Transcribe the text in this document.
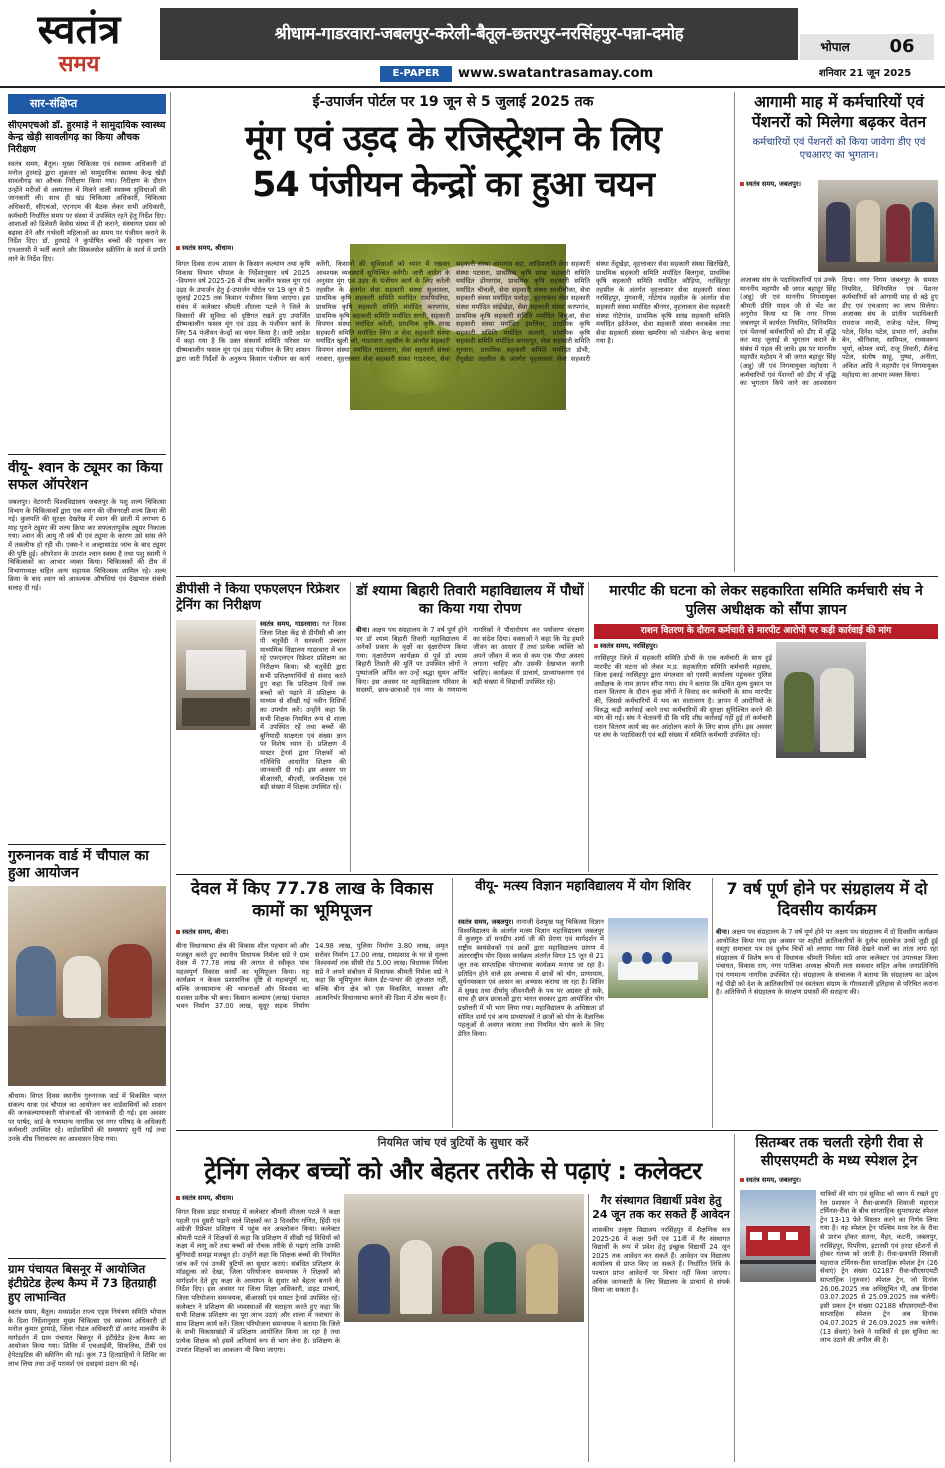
स्वतंत्र
समय
श्रीधाम-गाडरवारा-जबलपुर-करेली-बैतूल-छतरपुर-नरसिंहपुर-पन्ना-दमोह
भोपाल	06
E-PAPER	www.swatantrasamay.com	शनिवार 21 जून 2025
सार-संक्षिप्त
सीएमएचओ डॉ. हुरमाड़े ने सामुदायिक स्वास्थ्य केन्द्र खेड़ी सावलीगढ़ का किया औचक निरीक्षण
स्वतंत्र समय, बैतूल। मुख्य चिकित्सा एवं स्वास्थ्य अधिकारी डॉ मनोज हुरमाड़े द्वारा शुक्रवार को सामुदायिक स्वास्थ्य केन्द्र खेड़ी सावलीगढ़ का औचक निरीक्षण किया गया। निरीक्षण के दौरान उन्होंने मरीजों से अस्पताल में मिलने वाली स्वास्थ्य सुविधाओं की जानकारी ली। साथ ही खंड चिकित्सा अधिकारी, चिकित्सा अधिकारी, सीएचओ, एएनएम की बैठक लेकर सभी अधिकारी, कर्मचारी निर्धारित समय पर संस्था में उपस्थित रहने हेतु निर्देश दिए। आशाओं को डिलेवरी केसेस संस्था में ही कराने, संस्थागत प्रसव को बढ़ावा देने और गर्भवती महिलाओं का समय पर पंजीयन कराने के निर्देश दिए। डॉ. हुरमाड़े ने कुपोषित बच्चों की पहचान कर एनआरसी में भर्ती कराने और सिकलसेल स्क्रीनिंग के कार्य में प्रगति लाने के निर्देश दिए।
वीयू- श्वान के ट्यूमर का किया सफल ऑपरेशन
जबलपुर। वेटरनरी विश्वविद्यालय जबलपुर के पशु शल्य चिकित्सा विभाग के चिकित्सकों द्वारा एक श्वान की जीवनरक्षी शल्य क्रिया की गई। कुलपति की सुरक्षा देखरेख में श्वान की छाती में लगभग 6 माह पुराने ट्यूमर की शल्य क्रिया कर सफलतापूर्वक ट्यूमर निकाला गया। श्वान की आयु नौ वर्ष थी एवं ट्यूमर के कारण उसे सांस लेने में तकलीफ हो रही थी। एक्स-रे व अल्ट्रासाउंड जांच के बाद ट्यूमर की पुष्टि हुई। ऑपरेशन के उपरांत श्वान स्वस्थ है तथा पशु स्वामी ने चिकित्सकों का आभार व्यक्त किया। चिकित्सकों की टीम में विभागाध्यक्ष सहित अन्य सहायक चिकित्सक शामिल रहे। शल्य क्रिया के बाद श्वान को आवश्यक औषधियां एवं देखभाल संबंधी सलाह दी गई।
गुरुनानक वार्ड में चौपाल का हुआ आयोजन
श्रीधाम। विगत दिवस स्थानीय गुरुनानक वार्ड में विकसित भारत संकल्प यात्रा एवं चौपाल का आयोजन कर वार्डवासियों को शासन की जनकल्याणकारी योजनाओं की जानकारी दी गई। इस अवसर पर पार्षद, वार्ड के गणमान्य नागरिक एवं नगर परिषद के अधिकारी कर्मचारी उपस्थित रहे। वार्डवासियों की समस्याएं सुनी गईं तथा उनके शीघ्र निराकरण का आश्वासन दिया गया।
ग्राम पंचायत बिसनूर में आयोजित इंटीग्रेटेड हेल्थ कैम्प में 73 हितग्राही हुए लाभान्वित
स्वतंत्र समय, बैतूल। मध्यप्रदेश राज्य एड्स नियंत्रण समिति भोपाल के दिशा निर्देशानुसार मुख्य चिकित्सा एवं स्वास्थ्य अधिकारी डॉ मनोज कुमार हुरमाड़े, जिला नोडल अधिकारी डॉ आनंद मालवीय के मार्गदर्शन में ग्राम पंचायत बिसनूर में इंटीग्रेटेड हेल्थ कैम्प का आयोजन किया गया। शिविर में एचआईवी, सिफलिस, टीबी एवं हेपेटाइटिस की स्क्रीनिंग की गई। कुल 73 हितग्राहियों ने शिविर का लाभ लिया तथा उन्हें परामर्श एवं दवाइयां प्रदान की गईं।
ई-उपार्जन पोर्टल पर 19 जून से 5 जुलाई 2025 तक
मूंग एवं उड़द के रजिस्ट्रेशन के लिए
54 पंजीयन केन्द्रों का हुआ चयन
स्वतंत्र समय, श्रीधाम।
विगत दिवस राज्य शासन के किसान कल्याण तथा कृषि विकास विभाग भोपाल के निर्देशानुसार वर्ष 2025 -विपणन वर्ष 2025-26 में ग्रीष्म कालीन फसल मूंग एवं उड़द के उपार्जन हेतु ई-उपार्जन पोर्टल पर 19 जून से 5 जुलाई 2025 तक किसान पंजीयन किया जाएगा। इस संबंध में कलेक्टर श्रीमती शीतला पटले ने जिले के किसानों की सुविधा को दृष्टिगत रखते हुए उपार्जित ग्रीष्मकालीन फसल मूंग एवं उड़द के पंजीयन कार्य के लिए 54 पंजीयन केन्द्रों का चयन किया है। जारी आदेश में कहा गया है कि उक्त संस्थायें समिति परिसर पर ग्रीष्मकालीन फसल मूंग एवं उड़द पंजीयन के लिए शासन द्वारा जारी निर्देशों के अनुरूप किसान पंजीयन का कार्य करेंगी, किसानों की सुविधाओं को ध्यान में रखकर आवश्यक व्यवस्थायें सुनिश्चित करेंगी। जारी आदेश के अनुसार मूंग एवं उड़द के पंजीयन कार्य के लिए करेली तहसील के अंतर्गत सेवा सहकारी संस्था सुआतला, प्राथमिक कृषि सहकारी समिति मर्यादित रामपिपरिया, प्राथमिक कृषि सहकारी समिति मर्यादित करपगांव, प्राथमिक कृषि सहकारी समिति मर्यादित सगरी, सहकारी विपणन संस्था मर्यादित करेली, प्राथमिक कृषि साख सहकारी समिति मर्यादित लिंगा व सेवा सहकारी संस्था मर्यादित खुली को, गाडरवारा तहसील के अंतर्गत सहकारी विपणन संस्था मर्यादित गाडरवारा, सेवा सहकारी संस्था नरवारा, वृहत्ताकार सेवा सहकारी संस्था गाडरवारा, सेवा सहकारी संस्था आमगांव बड़ा, आदिमजाति सेवा सहकारी संस्था पटवारा, प्राथमिक कृषि साख सहकारी समिति मर्यादित डोंगरगांव, प्राथमिक कृषि सहकारी समिति मर्यादित चीचली, सेवा सहकारी संस्था सालीचौका, सेवा सहकारी संस्था मर्यादित पलोहा, वृहत्ताकार सेवा सहकारी संस्था मर्यादित सांईखेड़ा, सेवा सहकारी संस्था करपगांव, प्राथमिक कृषि सहकारी समिति मर्यादित बिचुआ, सेवा सहकारी संस्था मर्यादित इमलिया, प्राथमिक कृषि सहकारी समिति मर्यादित कामती, प्राथमिक कृषि सहकारी समिति मर्यादित बगासपुर, सेवा सहकारी समिति सूरवारा, प्राथमिक सहकारी समिति मर्यादित डोभी, तेंदूखेड़ा तहसील के अंतर्गत वृहत्ताकार सेवा सहकारी संस्था तेंदूखेड़ा, वृहत्ताकार सेवा सहकारी संस्था खिरखिरी, प्राथमिक सहकारी समिति मर्यादित बिलगुवां, प्राथमिक कृषि सहकारी समिति मर्यादित कौड़िया, नरसिंहपुर तहसील के अंतर्गत वृहत्ताकार सेवा सहकारी संस्था नरसिंहपुर, मुंगवानी, गोटेगांव तहसील के अंतर्गत सेवा सहकारी संस्था मर्यादित श्रीनगर, वृहत्ताकार सेवा सहकारी संस्था गोटेगांव, प्राथमिक कृषि साख सहकारी समिति मर्यादित झोतेश्वर, सेवा सहकारी संस्था करकबेल तथा सेवा सहकारी संस्था खमरिया को पंजीयन केन्द्र बनाया गया है।
आगामी माह में कर्मचारियों एवं पेंशनरों को मिलेगा बढ़कर वेतन
कर्मचारियों एवं पेंशनरों को किया जावेगा डीए एवं एचआरए का भुगतान।
स्वतंत्र समय, जबलपुर।
अजाक्स संघ के पदाधिकारियों एवं उनके माननीय महापौर श्री जगत बहादुर सिंह (अन्नू) जी एवं माननीय निगमायुक्त श्रीमती प्रीति यादव जी से भेंट कर अनुरोध किया था कि नगर निगम जबलपुर में कार्यरत नियमित, विनियमित एवं पेंशनर्स कर्मचारियों को डीए में वृद्धि कर माह जुलाई से भुगतान कराने के संबंध में पहल की जावे। इस पर माननीय महापौर महोदय ने श्री जगत बहादुर सिंह (अन्नू) जी एवं निगमायुक्त महोदया ने कर्मचारियों एवं पेंशनरों को डीए में वृद्धि का भुगतान किये जाने का आश्वासन दिया। नगर निगम जबलपुर के समस्त नियमित, विनियमित एवं पेंशनर कर्मचारियों को आगामी माह से बढ़े हुए डीए एवं एचआरए का लाभ मिलेगा। अजाक्स संघ के प्रांतीय पदाधिकारी रामराज मरावी, राजेन्द्र पटेल, विष्णु पटेल, दिनेश पटेल, प्रभात गर्ग, अशोक बेन, श्रीनिवास, सामियल, रामस्वरूप भूर्या, कोमल वर्मा, राजू तिवारी, शैलेन्द्र पटेल, संतोष साहू, पुष्पा, अनीता, अंकित आदि ने महापौर एवं निगमायुक्त महोदया का आभार व्यक्त किया।
डीपीसी ने किया एफएलएन रिफ्रेशर ट्रेनिंग का निरीक्षण
स्वतंत्र समय, गाडरवारा। गत दिवस जिला शिक्षा केंद्र से डीपीसी श्री आर पी चतुर्वेदी ने सरस्वती उच्चतर माध्यमिक विद्यालय गाडरवारा में चल रहे एफएलएन रिफ्रेशर प्रशिक्षण का निरीक्षण किया। श्री चतुर्वेदी द्वारा सभी प्रशिक्षणार्थियों से संवाद करते हुए कहा कि प्रशिक्षण दिनों तक बच्चों को पढ़ाने में प्रशिक्षण के माध्यम से सीखी गई नवीन विधियों का उपयोग करें। उन्होंने कहा कि सभी शिक्षक नियमित रूप से शाला में उपस्थित रहें तथा बच्चों की बुनियादी साक्षरता एवं संख्या ज्ञान पर विशेष ध्यान दें। प्रशिक्षण में मास्टर ट्रेनर्स द्वारा शिक्षकों को गतिविधि आधारित शिक्षण की जानकारी दी गई। इस अवसर पर बीआरसी, बीएसी, जनशिक्षक एवं बड़ी संख्या में शिक्षक उपस्थित रहे।
डॉ श्यामा बिहारी तिवारी महाविद्यालय में पौधों का किया गया रोपण
बीना। अक्षय पथ संग्रहालय के 7 वर्ष पूर्ण होने पर डॉ श्याम बिहारी तिवारी महाविद्यालय में अनेकों प्रकार के वृक्षों का वृक्षारोपण किया गया। वृक्षारोपण कार्यक्रम से पूर्व डॉ श्याम बिहारी तिवारी की मूर्ति पर उपस्थित लोगों ने पुष्पांजलि अर्पित कर उन्हें श्रद्धा सुमन अर्पित किए। इस अवसर पर महाविद्यालय परिवार के सदस्यों, छात्र-छात्राओं एवं नगर के गणमान्य नागरिकों ने पौधारोपण कर पर्यावरण संरक्षण का संदेश दिया। वक्ताओं ने कहा कि पेड़ हमारे जीवन का आधार हैं तथा प्रत्येक व्यक्ति को अपने जीवन में कम से कम एक पौधा अवश्य लगाना चाहिए और उसकी देखभाल करनी चाहिए। कार्यक्रम में प्राचार्य, प्राध्यापकगण एवं बड़ी संख्या में विद्यार्थी उपस्थित रहे।
मारपीट की घटना को लेकर सहकारिता समिति कर्मचारी संघ ने पुलिस अधीक्षक को सौंपा ज्ञापन
राशन वितरण के दौरान कर्मचारी से मारपीट आरोपी पर कड़ी कार्रवाई की मांग
स्वतंत्र समय, नरसिंहपुर।
नरसिंहपुर जिले में सहकारी समिति डोभी के एक कर्मचारी के साथ हुई मारपीट की घटना को लेकर म.प्र. सहकारिता समिति कर्मचारी महासंघ, जिला इकाई नरसिंहपुर द्वारा मंगलवार को एसपी कार्यालय पहुंचकर पुलिस अधीक्षक के नाम ज्ञापन सौंपा गया। संघ ने बताया कि उचित मूल्य दुकान पर राशन वितरण के दौरान कुछ लोगों ने विवाद कर कर्मचारी के साथ मारपीट की, जिससे कर्मचारियों में भय का वातावरण है। ज्ञापन में आरोपियों के विरुद्ध कड़ी कार्रवाई करने तथा कर्मचारियों की सुरक्षा सुनिश्चित करने की मांग की गई। संघ ने चेतावनी दी कि यदि शीघ्र कार्रवाई नहीं हुई तो कर्मचारी राशन वितरण कार्य बंद कर आंदोलन करने के लिए बाध्य होंगे। इस अवसर पर संघ के पदाधिकारी एवं बड़ी संख्या में समिति कर्मचारी उपस्थित रहे।
देवल में किए 77.78 लाख के विकास कामों का भूमिपूजन
स्वतंत्र समय, बीना।
बीना विधानसभा क्षेत्र की विकास शील पहचान को और मजबूत करते हुए स्थानीय विधायक निर्मला सप्रे ने ग्राम देवल में 77.78 लाख की लागत से स्वीकृत पांच महत्वपूर्ण विकास कार्यों का भूमिपूजन किया। यह कार्यक्रम न केवल प्रशासनिक दृष्टि से महत्वपूर्ण था, बल्कि जनसामान्य की भावनाओं और विश्वास का सशक्त प्रतीक भी बना। किसान कल्याण (लाख) पंचायत भवन निर्माण 37.00 लाख, सुदूर सड़क निर्माण 14.98 लाख, पुलिया निर्माण 3.80 लाख, अमृत सरोवर निर्माण 17.00 लाख, रामप्रसाद के घर से मुल्ला विश्वकर्मा तक सीसी रोड 5.00 लाख। विधायक निर्मला सप्रे ने अपने संबोधन में विधायक श्रीमती निर्मला सप्रे ने कहा कि भूमिपूजन केवल ईंट-पत्थर की शुरुआत नहीं, बल्कि बीना क्षेत्र को एक विकसित, सशक्त और आत्मनिर्भर विधानसभा बनाने की दिशा में ठोस कदम है।
वीयू- मत्स्य विज्ञान महाविद्यालय में योग शिविर
स्वतंत्र समय, जबलपुर। नानाजी देशमुख पशु चिकित्सा विज्ञान विश्वविद्यालय के अंतर्गत मत्स्य विज्ञान महाविद्यालय जबलपुर में कुलगुरु डॉ मनदीप शर्मा जी की प्रेरणा एवं मार्गदर्शन में राष्ट्रीय स्वयंसेवकों एवं छात्रों द्वारा महाविद्यालय प्रांगण में अंतरराष्ट्रीय योग दिवस कार्यक्रम अंतर्गत विगत 15 जून से 21 जून तक साप्ताहिक योगाभ्यास कार्यक्रम मनाया जा रहा है। प्रतिदिन होने वाले इस अभ्यास में छात्रों को योग, प्राणायाम, सूर्यनमस्कार एवं आसन का अभ्यास कराया जा रहा है। शिविर में सुखद तथा दीर्घायु जीवनशैली के पथ पर अग्रसर हो सकें, साथ ही छात्र छात्राओं द्वारा भारत सरकार द्वारा आयोजित योग प्रश्नोत्तरी में भी भाग लिया गया। महाविद्यालय के अधिष्ठाता डॉ सोमित शर्मा एवं अन्य प्राध्यापकों ने छात्रों को योग के वैज्ञानिक पहलुओं से अवगत कराया तथा नियमित योग करने के लिए प्रेरित किया।
7 वर्ष पूर्ण होने पर संग्रहालय में दो दिवसीय कार्यक्रम
बीना। अक्षय पथ संग्रहालय के 7 वर्ष पूर्ण होने पर अक्षय पथ संग्रहालय में दो दिवसीय कार्यक्रम आयोजित किया गया इस अवसर पर शहीदों क्रांतिकारियों के दुर्लभ दस्तावेज उनसे जुड़ी हुई वस्तुएं समाचार पत्र एवं दुर्लभ चित्रों को लगाया गया जिसे देखने वालों का तांता लगा रहा संग्रहालय में विशेष रूप से विधायक श्रीमती निर्मला सप्रे अपर कलेक्टर एवं उपाध्यक्ष जिला पंचायत, विकास राय, नगर पालिका अध्यक्ष श्रीमती लता सकवार सहित अनेक जनप्रतिनिधि एवं गणमान्य नागरिक उपस्थित रहे। संग्रहालय के संचालक ने बताया कि संग्रहालय का उद्देश्य नई पीढ़ी को देश के क्रांतिकारियों एवं स्वतंत्रता संग्राम के गौरवशाली इतिहास से परिचित कराना है। अतिथियों ने संग्रहालय के संरक्षण प्रयासों की सराहना की।
नियमित जांच एवं त्रुटियों के सुधार करें
ट्रेनिंग लेकर बच्चों को और बेहतर तरीके से पढ़ाएं : कलेक्टर
स्वतंत्र समय, श्रीधाम।
विगत दिवस डाइट सभाग्रह में कलेक्टर श्रीमती शीतला पटले ने कक्षा पहली एवं दूसरी पढ़ाने वाले शिक्षकों का 3 दिवसीय गणित, हिंदी एवं अंग्रेजी रिफ्रेशर प्रशिक्षण में पहुंच कर अवलोकन किया। कलेक्टर श्रीमती पटले ने शिक्षकों से कहा कि प्रशिक्षण में सीखी गई विधियों को कक्षा में लागू करें तथा बच्चों को रोचक तरीके से पढ़ाएं ताकि उनकी बुनियादी समझ मजबूत हो। उन्होंने कहा कि शिक्षक बच्चों की नियमित जांच करें एवं उनकी त्रुटियों का सुधार कराएं। संबंधित प्रशिक्षण के मॉड्यूल्स को देखा, जिला परियोजना समन्वयक ने शिक्षकों को मार्गदर्शन देते हुए कक्षा के अध्यापन के सुधार को बेहतर बनाने के निर्देश दिए। इस अवसर पर जिला शिक्षा अधिकारी, डाइट प्राचार्य, जिला परियोजना समन्वयक, बीआरसी एवं मास्टर ट्रेनर्स उपस्थित रहे। कलेक्टर ने प्रशिक्षण की व्यवस्थाओं की सराहना करते हुए कहा कि सभी शिक्षक प्रशिक्षण का पूरा लाभ उठाएं और शाला में नवाचार के साथ शिक्षण कार्य करें। जिला परियोजना समन्वयक ने बताया कि जिले के सभी विकासखंडों में प्रशिक्षण आयोजित किया जा रहा है तथा प्रत्येक शिक्षक को इसमें अनिवार्य रूप से भाग लेना है। प्रशिक्षण के उपरांत शिक्षकों का आकलन भी किया जाएगा।
गैर संस्थागत विद्यार्थी प्रवेश हेतु 24 जून तक कर सकते हैं आवेदन
शासकीय उत्कृष्ट विद्यालय नरसिंहपुर में शैक्षणिक सत्र 2025-26 में कक्षा 9वीं एवं 11वीं में गैर संस्थागत विद्यार्थी के रूप में प्रवेश हेतु इच्छुक विद्यार्थी 24 जून 2025 तक आवेदन कर सकते हैं। आवेदन पत्र विद्यालय कार्यालय से प्राप्त किए जा सकते हैं। निर्धारित तिथि के पश्चात प्राप्त आवेदनों पर विचार नहीं किया जाएगा। अधिक जानकारी के लिए विद्यालय के प्राचार्य से संपर्क किया जा सकता है।
सितम्बर तक चलती रहेगी रीवा से सीएसएमटी के मध्य स्पेशल ट्रेन
स्वतंत्र समय, जबलपुर।
यात्रियों की मांग एवं सुविधा को ध्यान में रखते हुए रेल प्रशासन ने रीवा-छत्रपति शिवाजी महाराज टर्मिनस-रीवा के बीच साप्ताहिक सुपरफास्ट स्पेशल ट्रेन 13-13 फेरे विस्तार करने का निर्णय लिया गया है। यह स्पेशल ट्रेन पश्चिम मध्य रेल के रीवा से प्रारंभ होकर सतना, मैहर, कटनी, जबलपुर, नरसिंहपुर, पिपरिया, इटारसी एवं हरदा स्टेशनों से होकर गंतव्य को जाती है। रीवा-छत्रपति शिवाजी महाराज टर्मिनस-रीवा साप्ताहिक स्पेशल ट्रेन (26 सेवाएं) ट्रेन संख्या 02187 रीवा-सीएसएमटी साप्ताहिक (गुरुवार) स्पेशल ट्रेन, जो दिनांक 26.06.2025 तक अधिसूचित थी, अब दिनांक 03.07.2025 से 25.09.2025 तक चलेगी। इसी प्रकार ट्रेन संख्या 02188 सीएसएमटी-रीवा साप्ताहिक स्पेशल ट्रेन अब दिनांक 04.07.2025 से 26.09.2025 तक चलेगी। (13 सेवाएं) रेलवे ने यात्रियों से इस सुविधा का लाभ उठाने की अपील की है।
